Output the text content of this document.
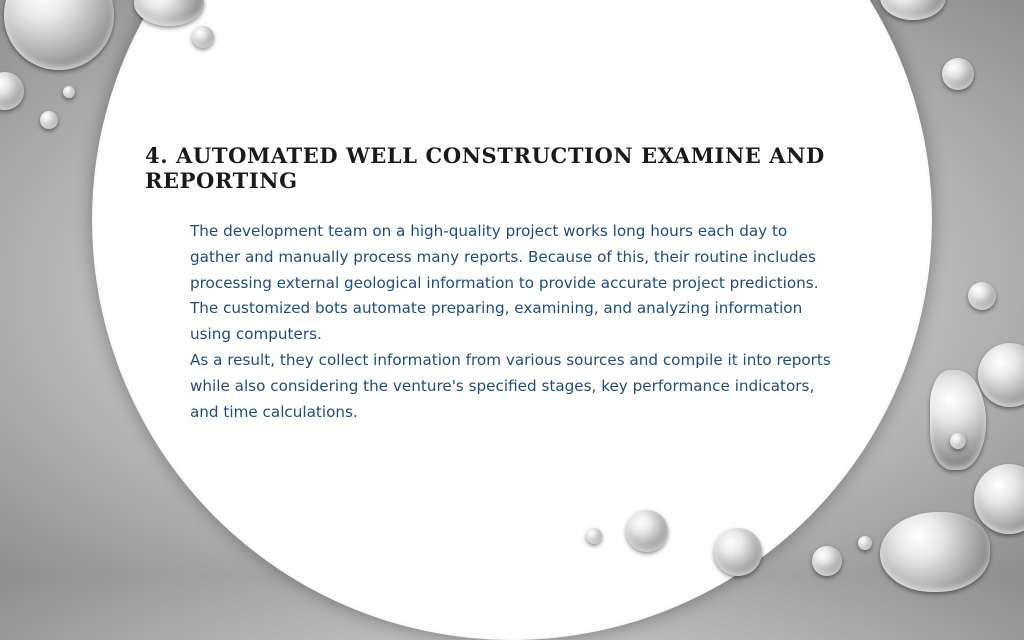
4. AUTOMATED WELL CONSTRUCTION EXAMINE AND REPORTING

The development team on a high-quality project works long hours each day to gather and manually process many reports. Because of this, their routine includes processing external geological information to provide accurate project predictions. The customized bots automate preparing, examining, and analyzing information using computers.

As a result, they collect information from various sources and compile it into reports while also considering the venture's specified stages, key performance indicators, and time calculations.
